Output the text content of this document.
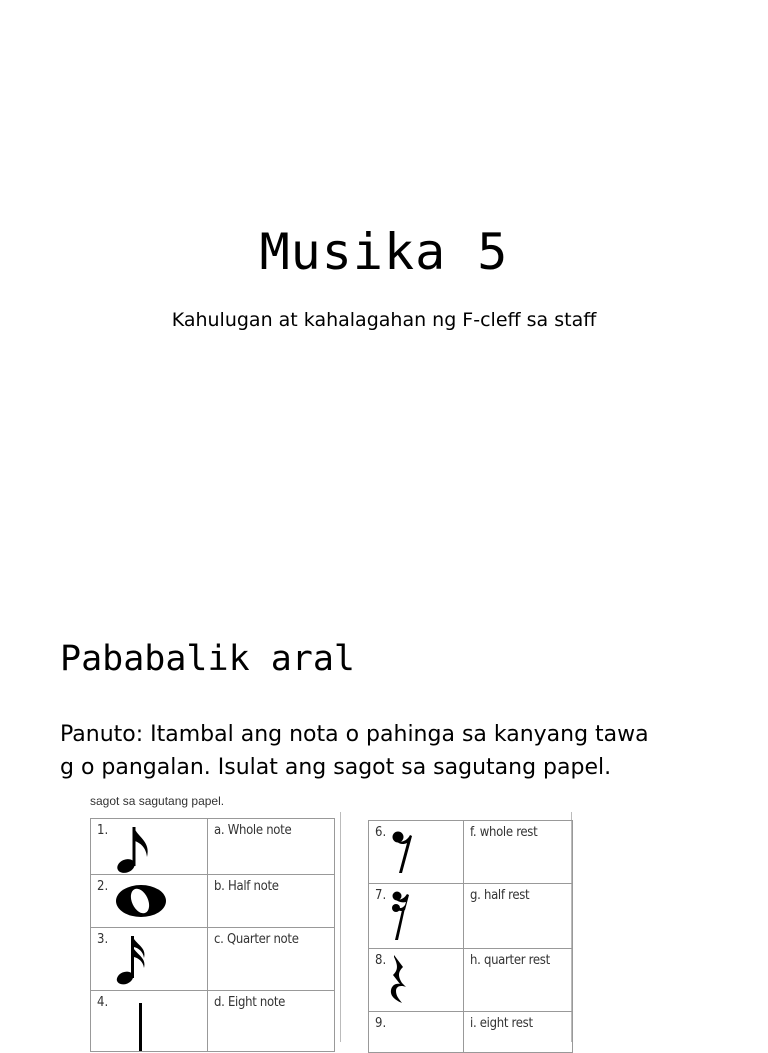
Musika 5
Kahulugan at kahalagahan ng F-cleff sa staff
Pababalik aral
Panuto: Itambal ang nota o pahinga sa kanyang tawa
g o pangalan. Isulat ang sagot sa sagutang papel.
sagot sa sagutang papel.
1.	a. Whole note

2.	b. Half note

3.	c. Quarter note

4.	d. Eight note
6.	f. whole rest

7.	g. half rest

8.	h. quarter rest

9.	i. eight rest
